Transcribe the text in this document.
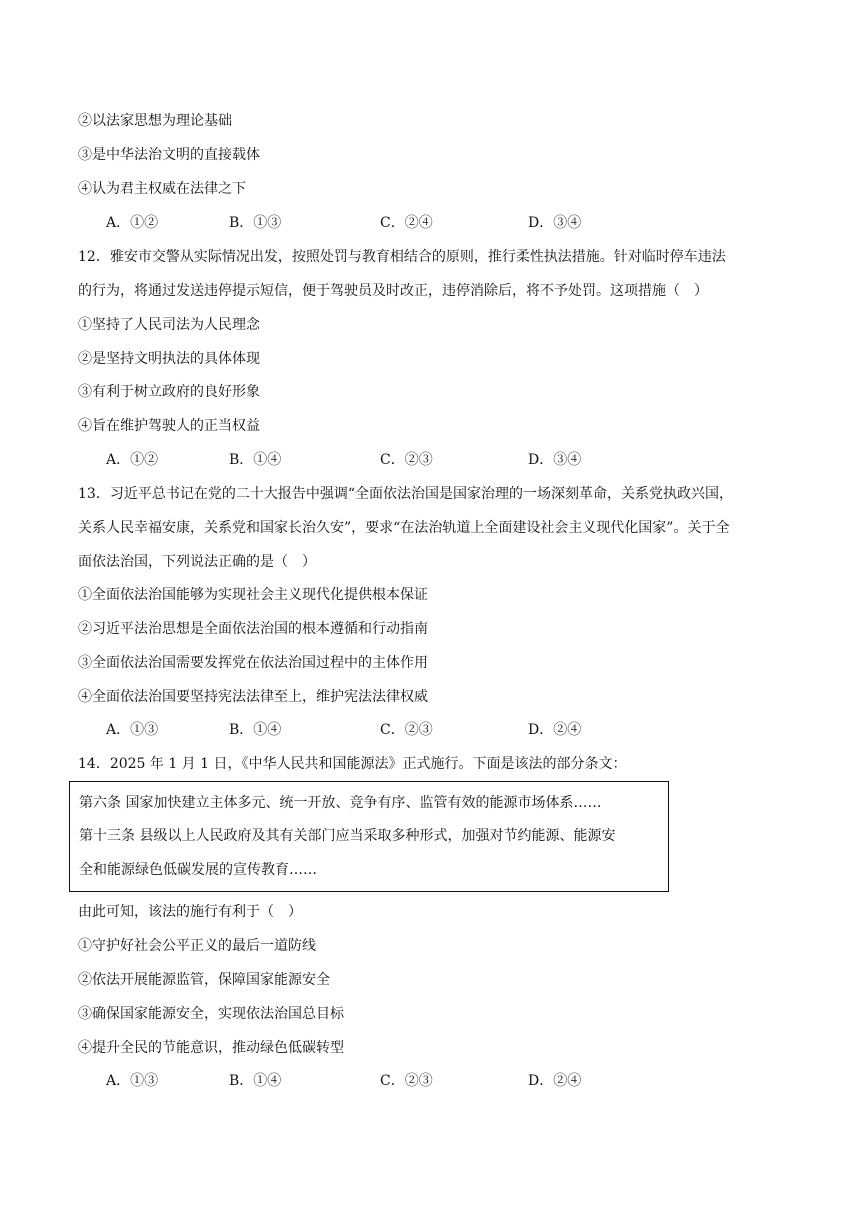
②以法家思想为理论基础
③是中华法治文明的直接载体
④认为君主权威在法律之下
A．①②	B．①③	C．②④	D．③④
12．雅安市交警从实际情况出发，按照处罚与教育相结合的原则，推行柔性执法措施。针对临时停车违法
的行为，将通过发送违停提示短信，便于驾驶员及时改正，违停消除后，将不予处罚。这项措施（　）
①坚持了人民司法为人民理念
②是坚持文明执法的具体体现
③有利于树立政府的良好形象
④旨在维护驾驶人的正当权益
A．①②	B．①④	C．②③	D．③④
13．习近平总书记在党的二十大报告中强调“全面依法治国是国家治理的一场深刻革命，关系党执政兴国，
关系人民幸福安康，关系党和国家长治久安”，要求“在法治轨道上全面建设社会主义现代化国家”。关于全
面依法治国，下列说法正确的是（　）
①全面依法治国能够为实现社会主义现代化提供根本保证
②习近平法治思想是全面依法治国的根本遵循和行动指南
③全面依法治国需要发挥党在依法治国过程中的主体作用
④全面依法治国要坚持宪法法律至上，维护宪法法律权威
A．①③	B．①④	C．②③	D．②④
14．2025 年 1 月 1 日，《中华人民共和国能源法》正式施行。下面是该法的部分条文：
第六条 国家加快建立主体多元、统一开放、竞争有序、监管有效的能源市场体系……
第十三条 县级以上人民政府及其有关部门应当采取多种形式，加强对节约能源、能源安
全和能源绿色低碳发展的宣传教育……
由此可知，该法的施行有利于（　）
①守护好社会公平正义的最后一道防线
②依法开展能源监管，保障国家能源安全
③确保国家能源安全，实现依法治国总目标
④提升全民的节能意识，推动绿色低碳转型
A．①③	B．①④	C．②③	D．②④
